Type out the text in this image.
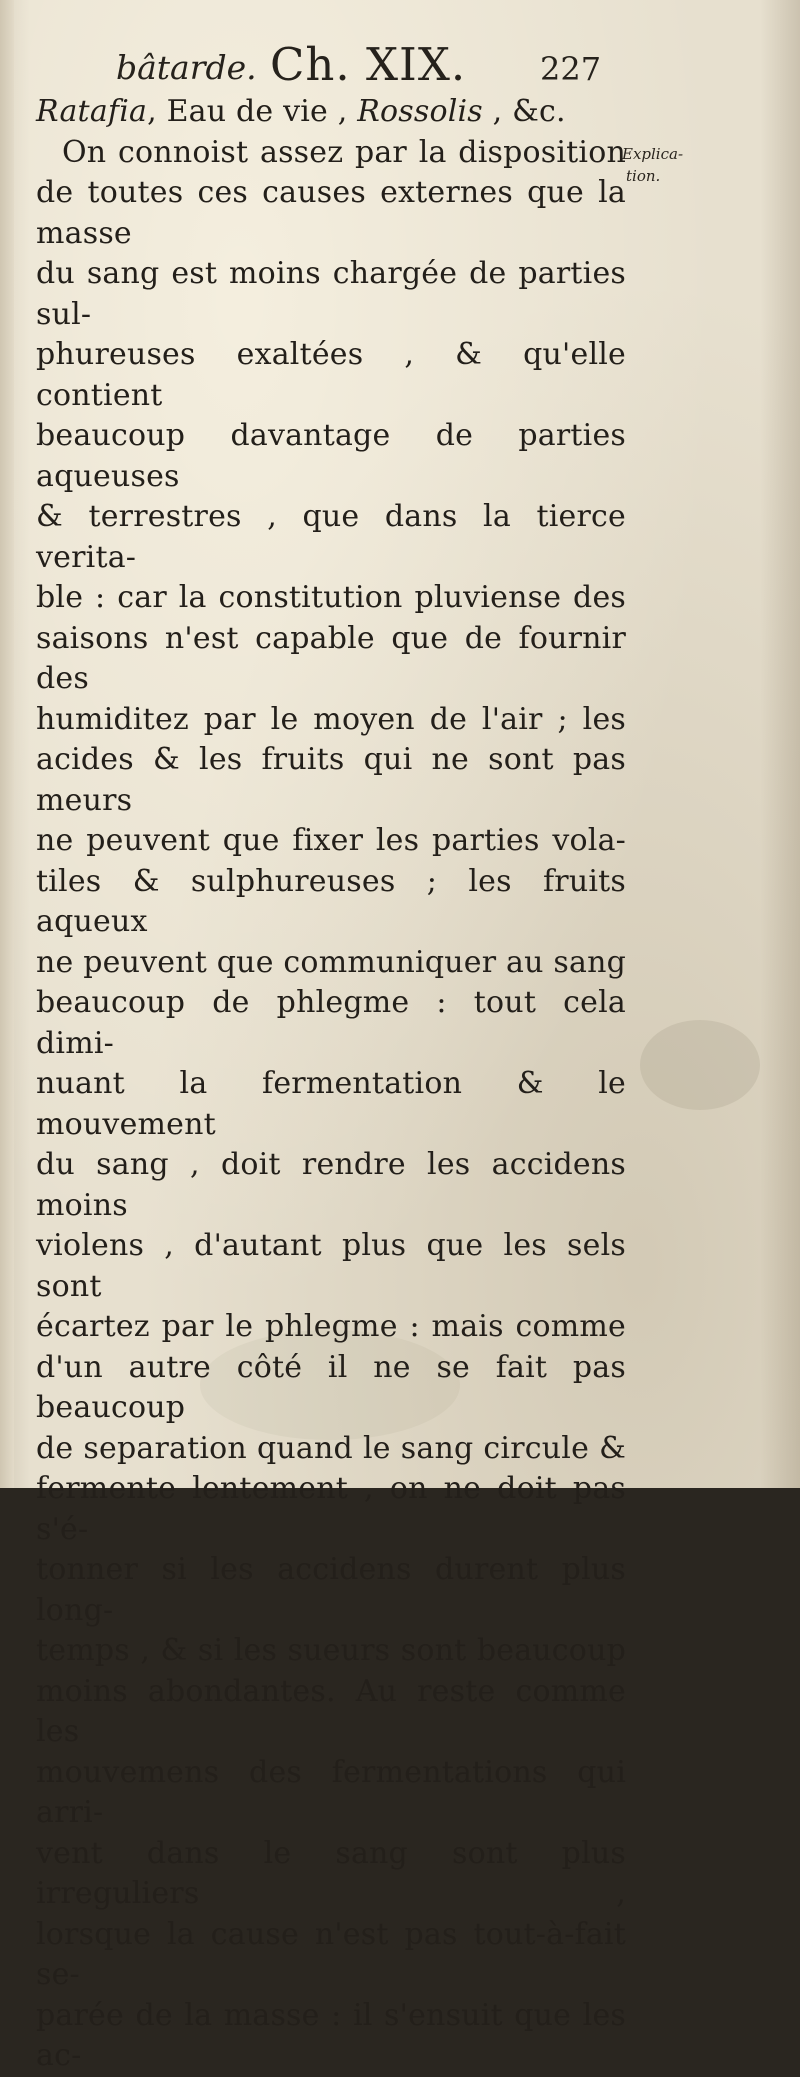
bâtarde. Ch. XIX. 227
Explica-
tion.
Ratafia, Eau de vie , Rossolis , &c.
On connoist assez par la disposition
de toutes ces causes externes que la masse
du sang est moins chargée de parties sul-
phureuses exaltées , & qu'elle contient
beaucoup davantage de parties aqueuses
& terrestres , que dans la tierce verita-
ble : car la constitution pluviense des
saisons n'est capable que de fournir des
humiditez par le moyen de l'air ; les
acides & les fruits qui ne sont pas meurs
ne peuvent que fixer les parties vola-
tiles & sulphureuses ; les fruits aqueux
ne peuvent que communiquer au sang
beaucoup de phlegme : tout cela dimi-
nuant la fermentation & le mouvement
du sang , doit rendre les accidens moins
violens , d'autant plus que les sels sont
écartez par le phlegme : mais comme
d'un autre côté il ne se fait pas beaucoup
de separation quand le sang circule &
fermente lentement , on ne doit pas s'é-
tonner si les accidens durent plus long-
temps , & si les sueurs sont beaucoup
moins abondantes. Au reste comme les
mouvemens des fermentations qui arri-
vent dans le sang sont plus irreguliers ,
lorsque la cause n'est pas tout-à-fait se-
parée de la masse : il s'ensuit que les ac-
